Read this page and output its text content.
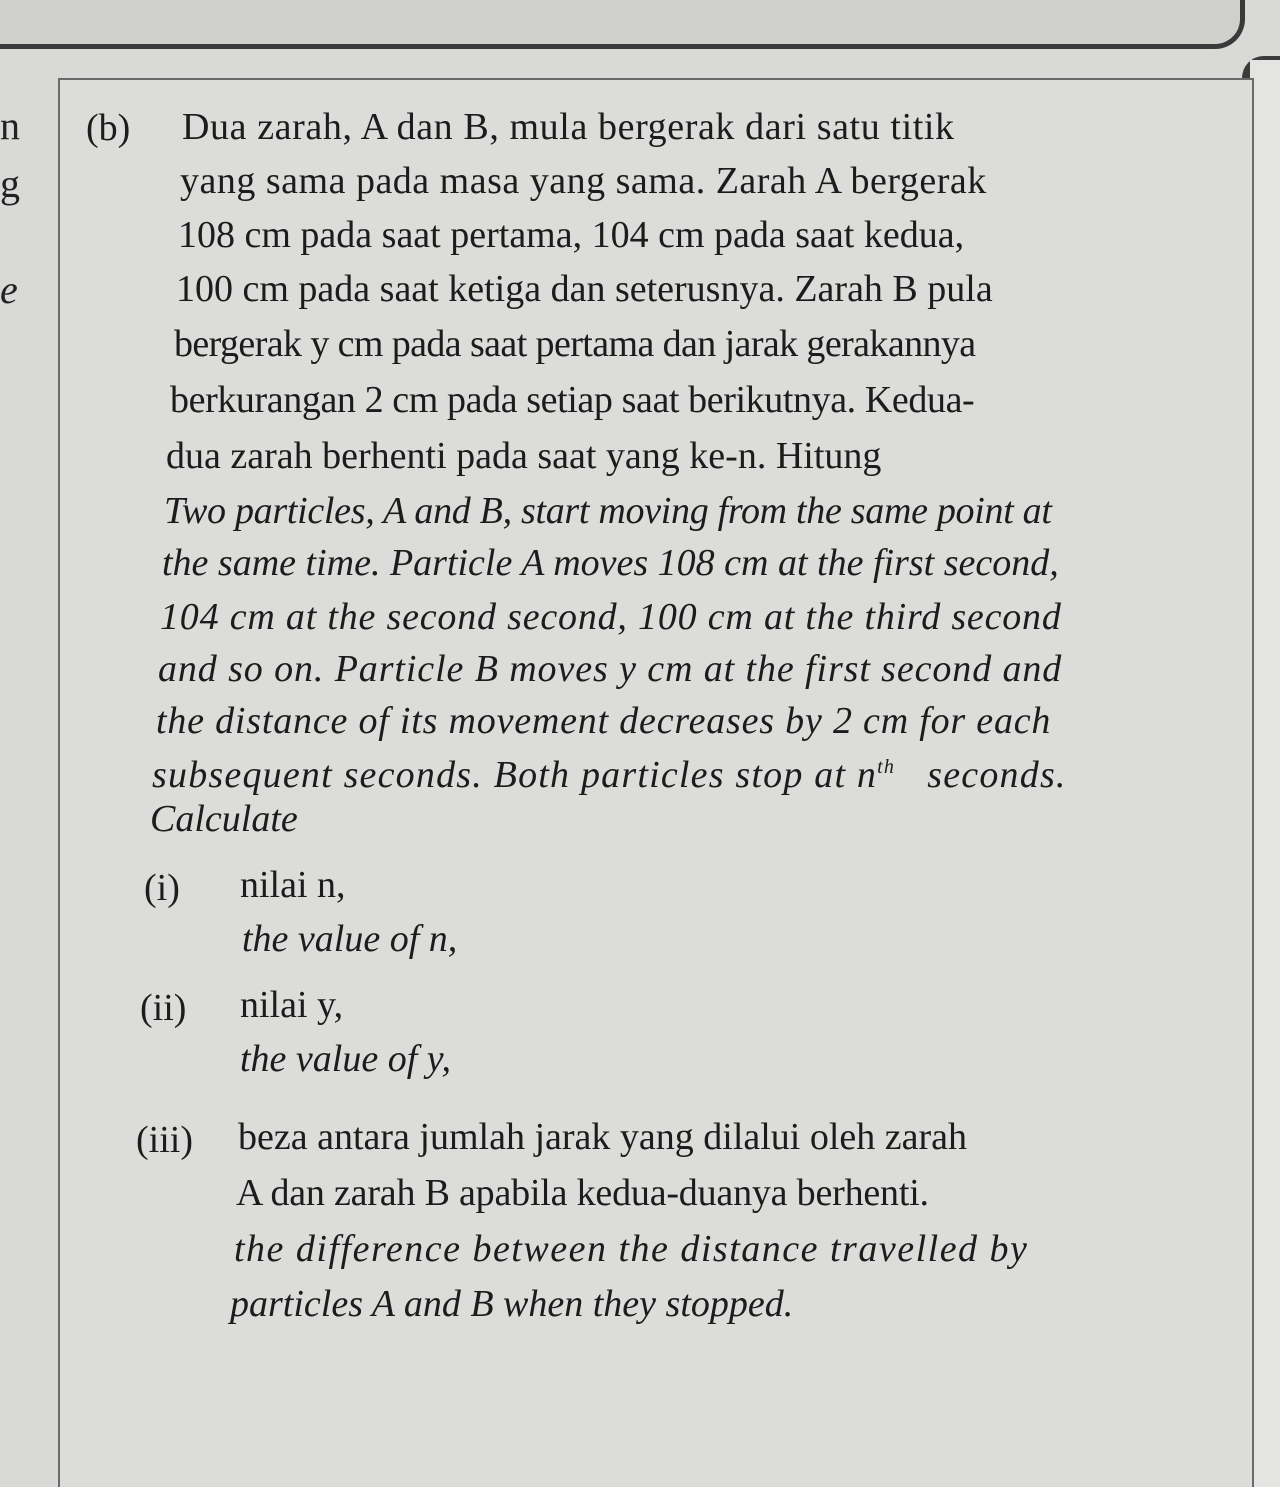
n
g
e
(b) Dua zarah, A dan B, mula bergerak dari satu titik
yang sama pada masa yang sama. Zarah A bergerak
108 cm pada saat pertama, 104 cm pada saat kedua,
100 cm pada saat ketiga dan seterusnya. Zarah B pula
bergerak y cm pada saat pertama dan jarak gerakannya
berkurangan 2 cm pada setiap saat berikutnya. Kedua-
dua zarah berhenti pada saat yang ke-n. Hitung
Two particles, A and B, start moving from the same point at
the same time. Particle A moves 108 cm at the first second,
104 cm at the second second, 100 cm at the third second
and so on. Particle B moves y cm at the first second and
the distance of its movement decreases by 2 cm for each
subsequent seconds. Both particles stop at $n^{th}$ seconds.
Calculate
(i) nilai n,
the value of n,
(ii) nilai y,
the value of y,
(iii) beza antara jumlah jarak yang dilalui oleh zarah
A dan zarah B apabila kedua-duanya berhenti.
the difference between the distance travelled by
particles A and B when they stopped.
